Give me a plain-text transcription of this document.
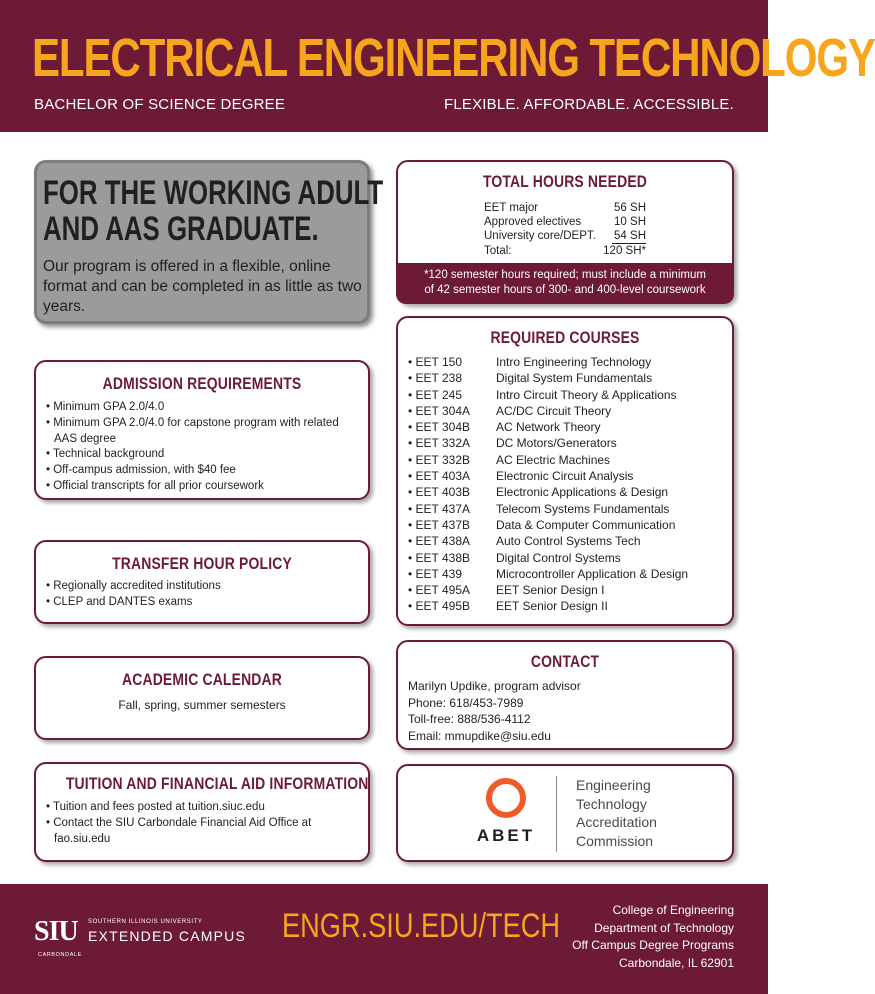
ELECTRICAL ENGINEERING TECHNOLOGY
BACHELOR OF SCIENCE DEGREE	FLEXIBLE. AFFORDABLE. ACCESSIBLE.
FOR THE WORKING ADULT
AND AAS GRADUATE.
Our program is offered in a flexible, online format and can be completed in as little as two years.
TOTAL HOURS NEEDED
EET major	56 SH
Approved electives	10 SH
University core/DEPT. 54 SH
Total:	120 SH*
*120 semester hours required; must include a minimum
of 42 semester hours of 300- and 400-level coursework
ADMISSION REQUIREMENTS
• Minimum GPA 2.0/4.0
• Minimum GPA 2.0/4.0 for capstone program with related AAS degree
• Technical background
• Off-campus admission, with $40 fee
• Official transcripts for all prior coursework
REQUIRED COURSES
• EET 150	Intro Engineering Technology
• EET 238	Digital System Fundamentals
• EET 245	Intro Circuit Theory & Applications
• EET 304A	AC/DC Circuit Theory
• EET 304B	AC Network Theory
• EET 332A	DC Motors/Generators
• EET 332B	AC Electric Machines
• EET 403A	Electronic Circuit Analysis
• EET 403B	Electronic Applications & Design
• EET 437A	Telecom Systems Fundamentals
• EET 437B	Data & Computer Communication
• EET 438A	Auto Control Systems Tech
• EET 438B	Digital Control Systems
• EET 439	Microcontroller Application & Design
• EET 495A	EET Senior Design I
• EET 495B	EET Senior Design II
TRANSFER HOUR POLICY
• Regionally accredited institutions
• CLEP and DANTES exams
ACADEMIC CALENDAR
Fall, spring, summer semesters
CONTACT
Marilyn Updike, program advisor
Phone: 618/453-7989
Toll-free: 888/536-4112
Email: mmupdike@siu.edu
TUITION AND FINANCIAL AID INFORMATION
• Tuition and fees posted at tuition.siuc.edu
• Contact the SIU Carbondale Financial Aid Office at fao.siu.edu	ABET
Engineering
Technology
Accreditation
Commission
SIU SOUTHERN ILLINOIS UNIVERSITY
EXTENDED CAMPUS
CARBONDALE
ENGR.SIU.EDU/TECH	College of Engineering
Department of Technology
Off Campus Degree Programs
Carbondale, IL 62901
